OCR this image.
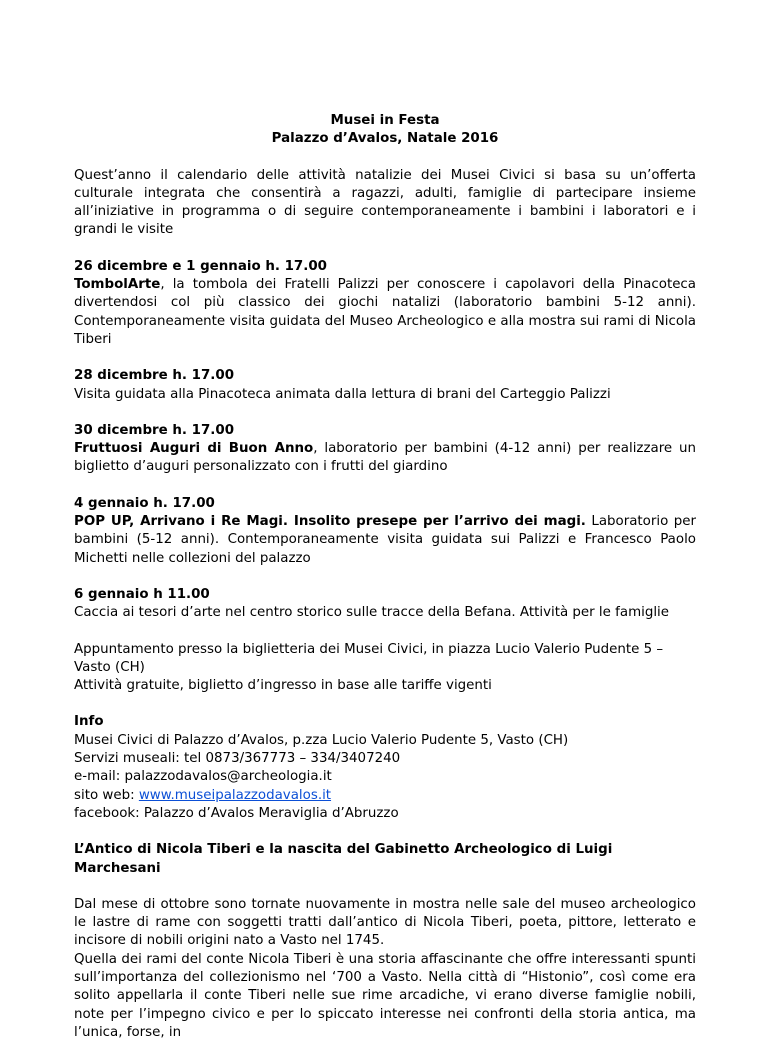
Musei in Festa

Palazzo d’Avalos, Natale 2016

Quest’anno il calendario delle attività natalizie dei Musei Civici si basa su un’offerta culturale integrata che consentirà a ragazzi, adulti, famiglie di partecipare insieme all’iniziative in programma o di seguire contemporaneamente i bambini i laboratori e i grandi le visite

26 dicembre e 1 gennaio h. 17.00

TombolArte, la tombola dei Fratelli Palizzi per conoscere i capolavori della Pinacoteca divertendosi col più classico dei giochi natalizi (laboratorio bambini 5-12 anni). Contemporaneamente visita guidata del Museo Archeologico e alla mostra sui rami di Nicola Tiberi

28 dicembre h. 17.00

Visita guidata alla Pinacoteca animata dalla lettura di brani del Carteggio Palizzi

30 dicembre h. 17.00

Fruttuosi Auguri di Buon Anno, laboratorio per bambini (4-12 anni) per realizzare un biglietto d’auguri personalizzato con i frutti del giardino

4 gennaio h. 17.00

POP UP, Arrivano i Re Magi. Insolito presepe per l’arrivo dei magi. Laboratorio per bambini (5-12 anni). Contemporaneamente visita guidata sui Palizzi e Francesco Paolo Michetti nelle collezioni del palazzo

6 gennaio h 11.00

Caccia ai tesori d’arte nel centro storico sulle tracce della Befana. Attività per le famiglie

Appuntamento presso la biglietteria dei Musei Civici, in piazza Lucio Valerio Pudente 5 – Vasto (CH)

Attività gratuite, biglietto d’ingresso in base alle tariffe vigenti

Info

Musei Civici di Palazzo d’Avalos, p.zza Lucio Valerio Pudente 5, Vasto (CH)

Servizi museali: tel 0873/367773 – 334/3407240

e-mail: palazzodavalos@archeologia.it

sito web: www.museipalazzodavalos.it

facebook: Palazzo d’Avalos Meraviglia d’Abruzzo

L’Antico di Nicola Tiberi e la nascita del Gabinetto Archeologico di Luigi Marchesani

Dal mese di ottobre sono tornate nuovamente in mostra nelle sale del museo archeologico le lastre di rame con soggetti tratti dall’antico di Nicola Tiberi, poeta, pittore, letterato e incisore di nobili origini nato a Vasto nel 1745.

Quella dei rami del conte Nicola Tiberi è una storia affascinante che offre interessanti spunti sull’importanza del collezionismo nel ‘700 a Vasto. Nella città di “Histonio”, così come era solito appellarla il conte Tiberi nelle sue rime arcadiche, vi erano diverse famiglie nobili, note per l’impegno civico e per lo spiccato interesse nei confronti della storia antica, ma l’unica, forse, in
